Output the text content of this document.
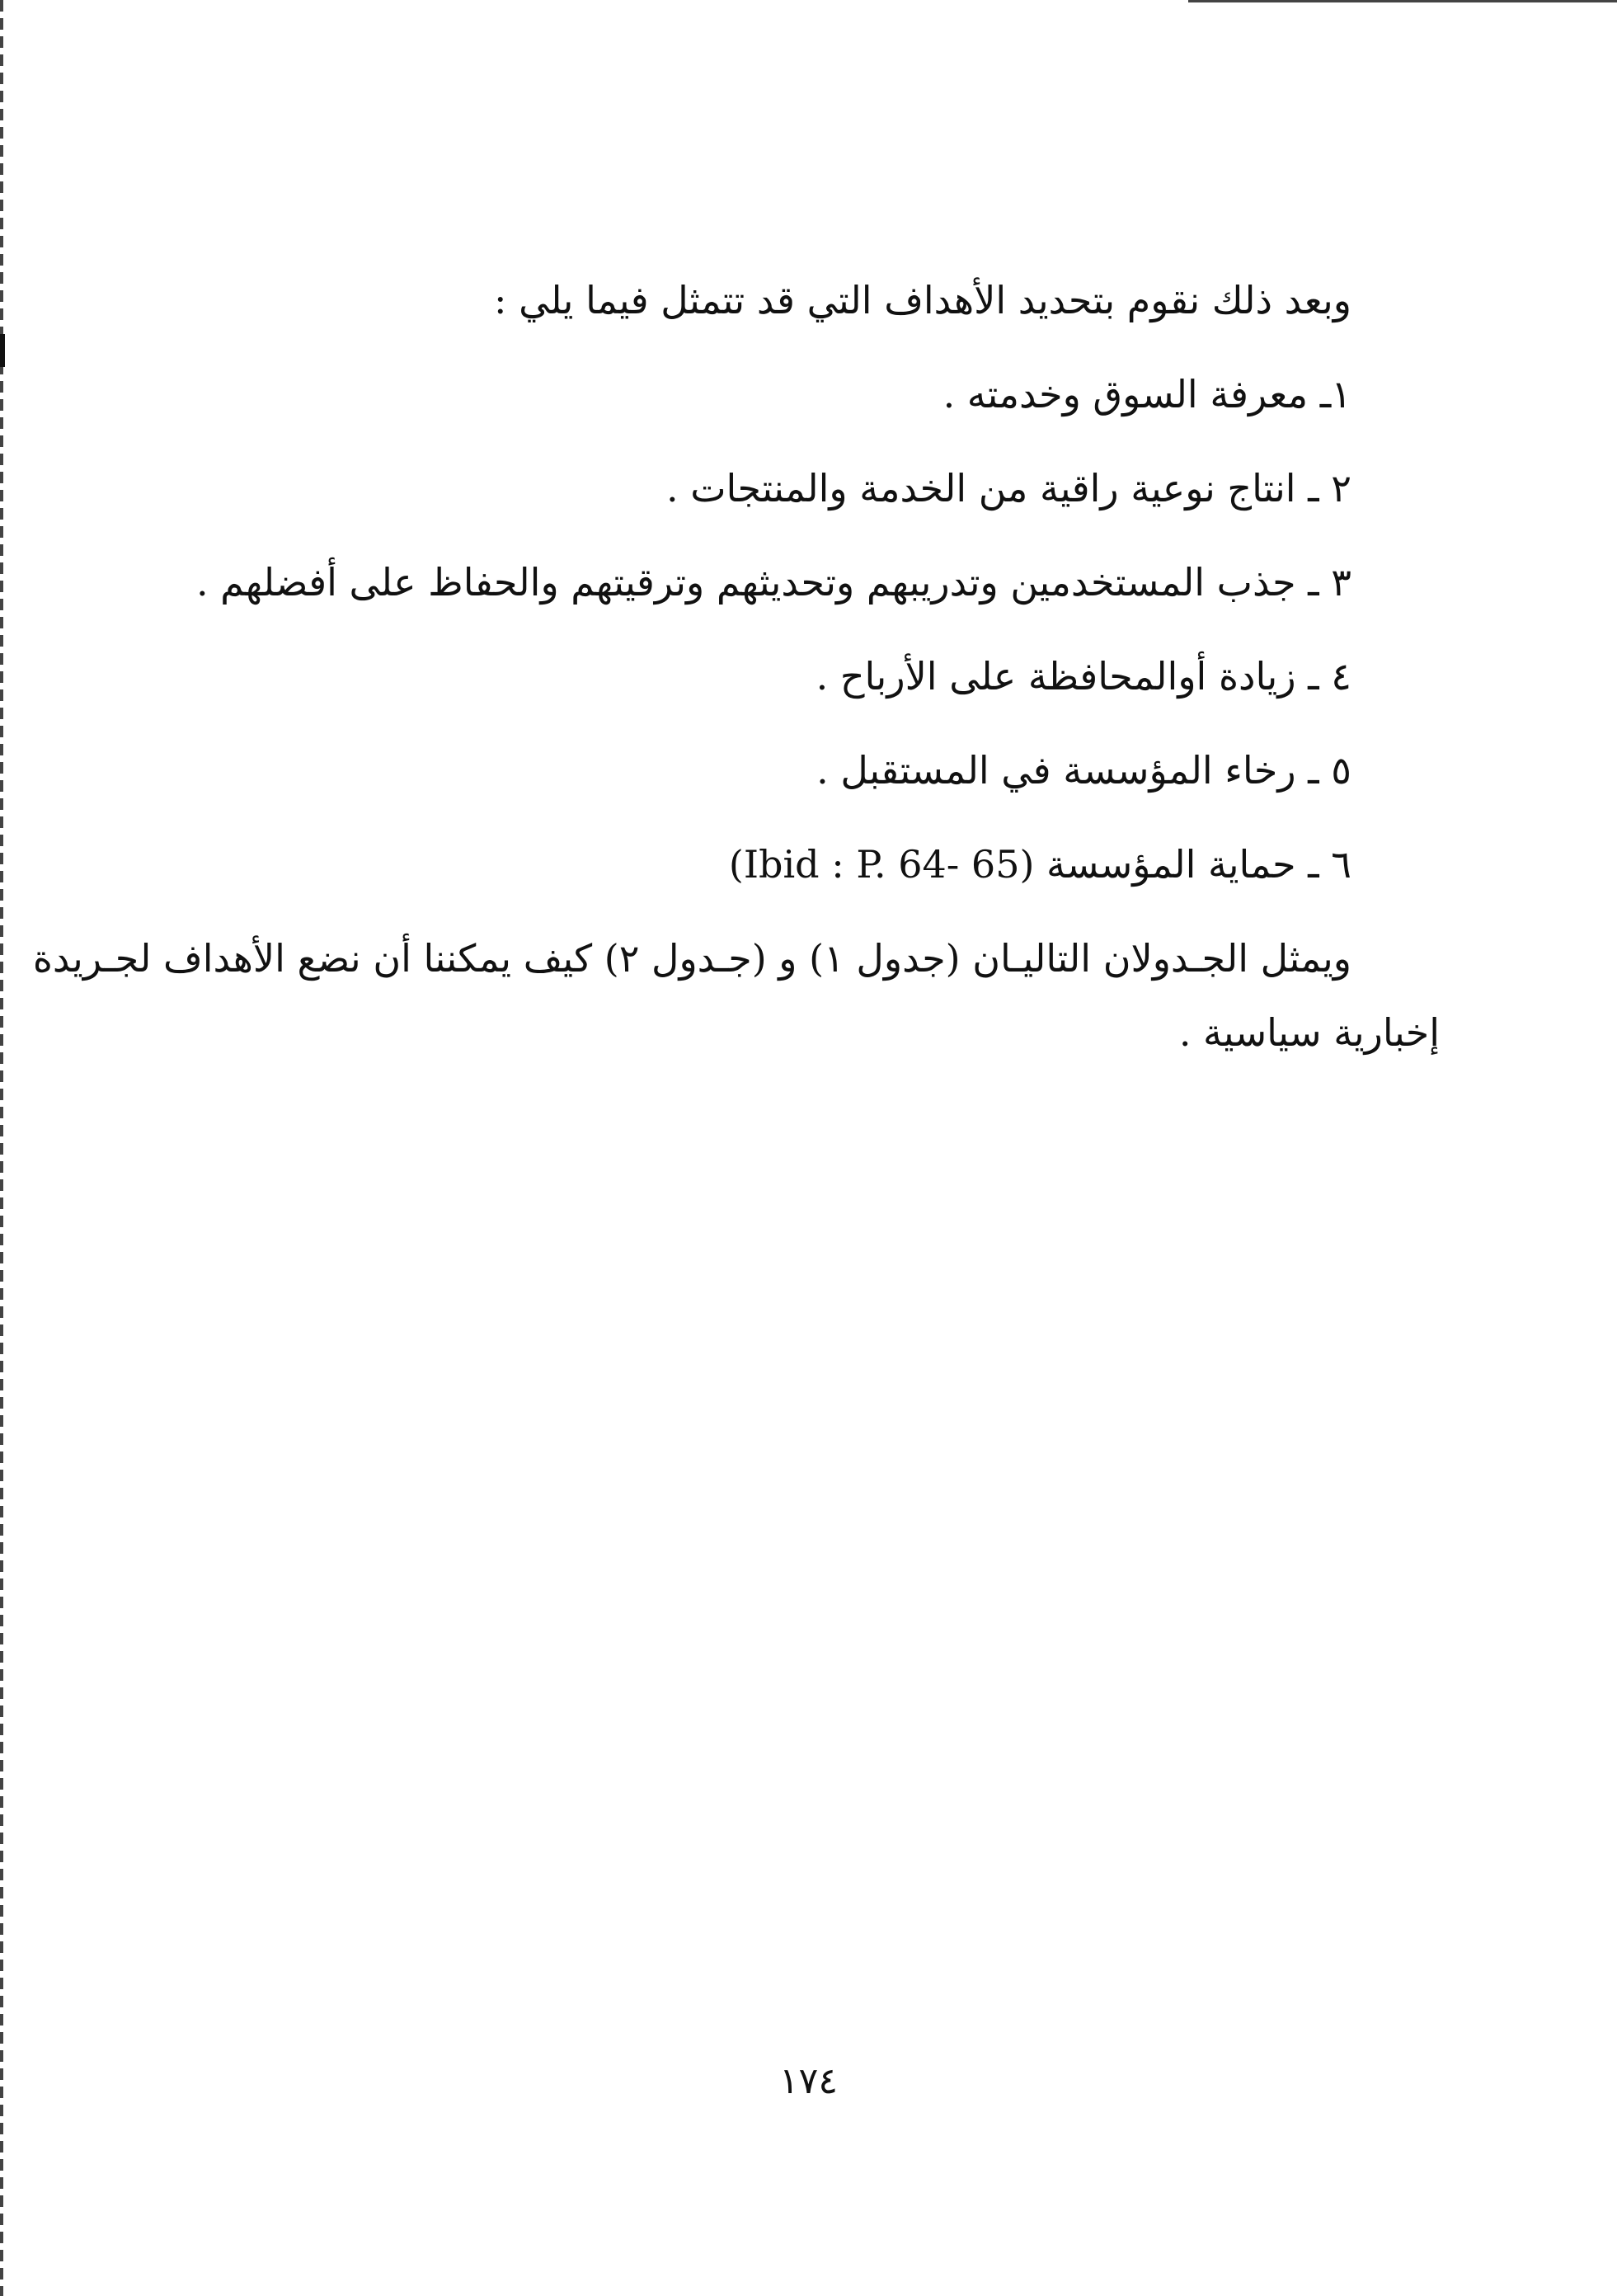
وبعد ذلك نقوم بتحديد الأهداف التي قد تتمثل فيما يلي :
١ـ معرفة السوق وخدمته .
٢ ـ انتاج نوعية راقية من الخدمة والمنتجات .
٣ ـ جذب المستخدمين وتدريبهم وتحديثهم وترقيتهم والحفاظ على أفضلهم .
٤ ـ زيادة أوالمحافظة على الأرباح .
٥ ـ رخاء المؤسسة في المستقبل .
٦ ـ حماية المؤسسة (Ibid : P. 64- 65)
ويمثل الجـدولان التاليـان (جدول ١) و (جـدول ٢) كيف يمكننا أن نضع الأهداف لجـريدة
إخبارية سياسية .
١٧٤
